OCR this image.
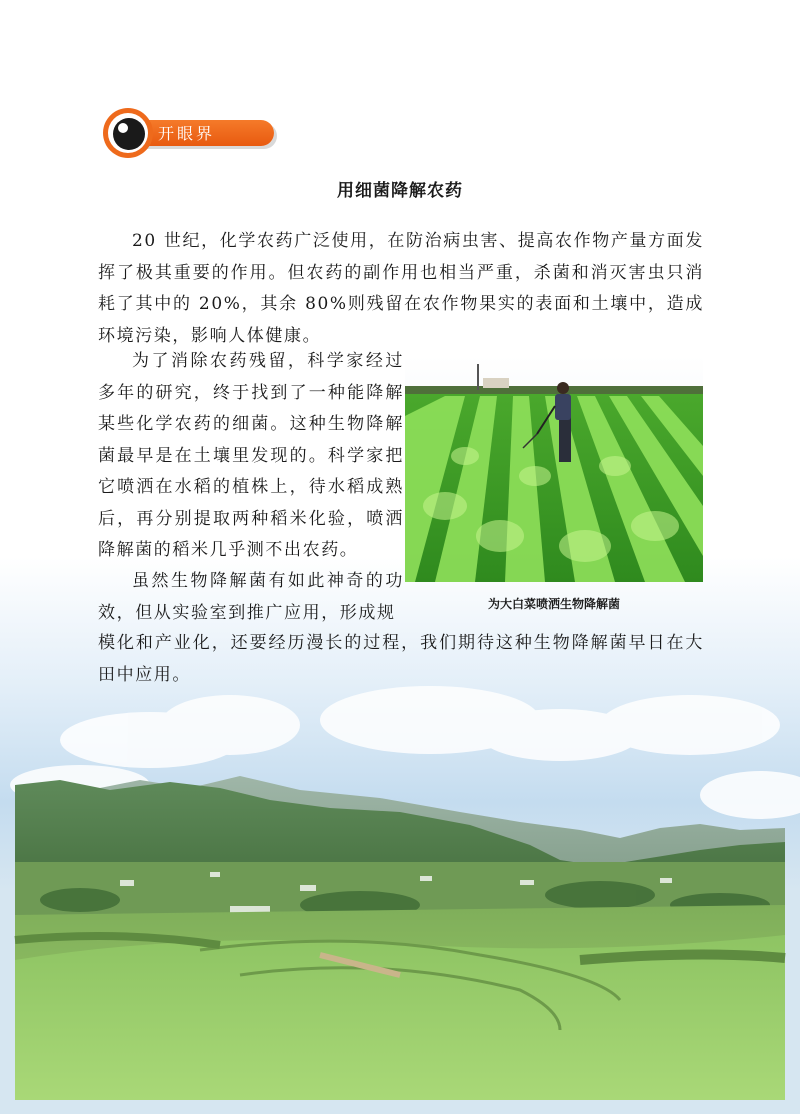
开眼界
用细菌降解农药

20 世纪，化学农药广泛使用，在防治病虫害、提高农作物产量方面发挥了极其重要的作用。但农药的副作用也相当严重，杀菌和消灭害虫只消耗了其中的 20%，其余 80%则残留在农作物果实的表面和土壤中，造成环境污染，影响人体健康。

为了消除农药残留，科学家经过多年的研究，终于找到了一种能降解某些化学农药的细菌。这种生物降解菌最早是在土壤里发现的。科学家把它喷洒在水稻的植株上，待水稻成熟后，再分别提取两种稻米化验，喷洒降解菌的稻米几乎测不出农药。

虽然生物降解菌有如此神奇的功效，但从实验室到推广应用，形成规

模化和产业化，还要经历漫长的过程，我们期待这种生物降解菌早日在大田中应用。

为大白菜喷洒生物降解菌
